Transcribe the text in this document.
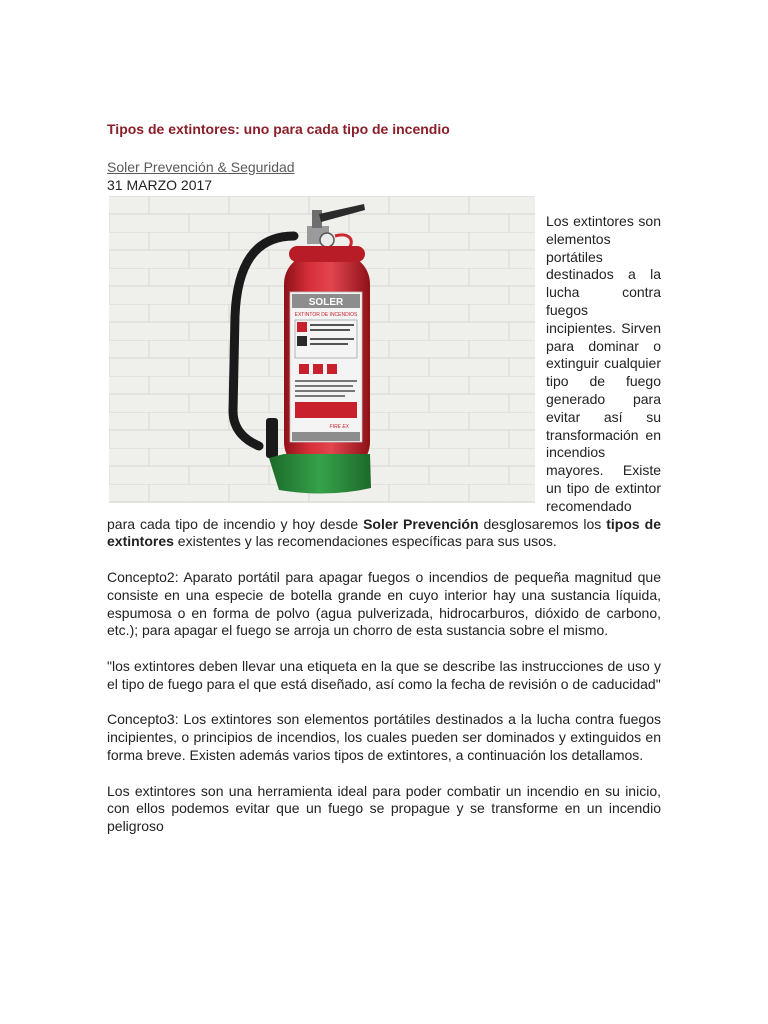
Tipos de extintores: uno para cada tipo de incendio
Soler Prevención & Seguridad
31 MARZO 2017
SOLER
EXTINTOR DE INCENDIOS
FIRE EX

Los extintores son elementos portátiles destinados a la lucha contra fuegos incipientes. Sirven para dominar o extinguir cualquier tipo de fuego generado para evitar así su transformación en incendios mayores. Existe un tipo de extintor recomendado para cada tipo de incendio y hoy desde Soler Prevención desglosaremos los tipos de extintores existentes y las recomendaciones específicas para sus usos.

Concepto2: Aparato portátil para apagar fuegos o incendios de pequeña magnitud que consiste en una especie de botella grande en cuyo interior hay una sustancia líquida, espumosa o en forma de polvo (agua pulverizada, hidrocarburos, dióxido de carbono, etc.); para apagar el fuego se arroja un chorro de esta sustancia sobre el mismo.

"los extintores deben llevar una etiqueta en la que se describe las instrucciones de uso y el tipo de fuego para el que está diseñado, así como la fecha de revisión o de caducidad"

Concepto3: Los extintores son elementos portátiles destinados a la lucha contra fuegos incipientes, o principios de incendios, los cuales pueden ser dominados y extinguidos en forma breve. Existen además varios tipos de extintores, a continuación los detallamos.

Los extintores son una herramienta ideal para poder combatir un incendio en su inicio, con ellos podemos evitar que un fuego se propague y se transforme en un incendio peligroso
